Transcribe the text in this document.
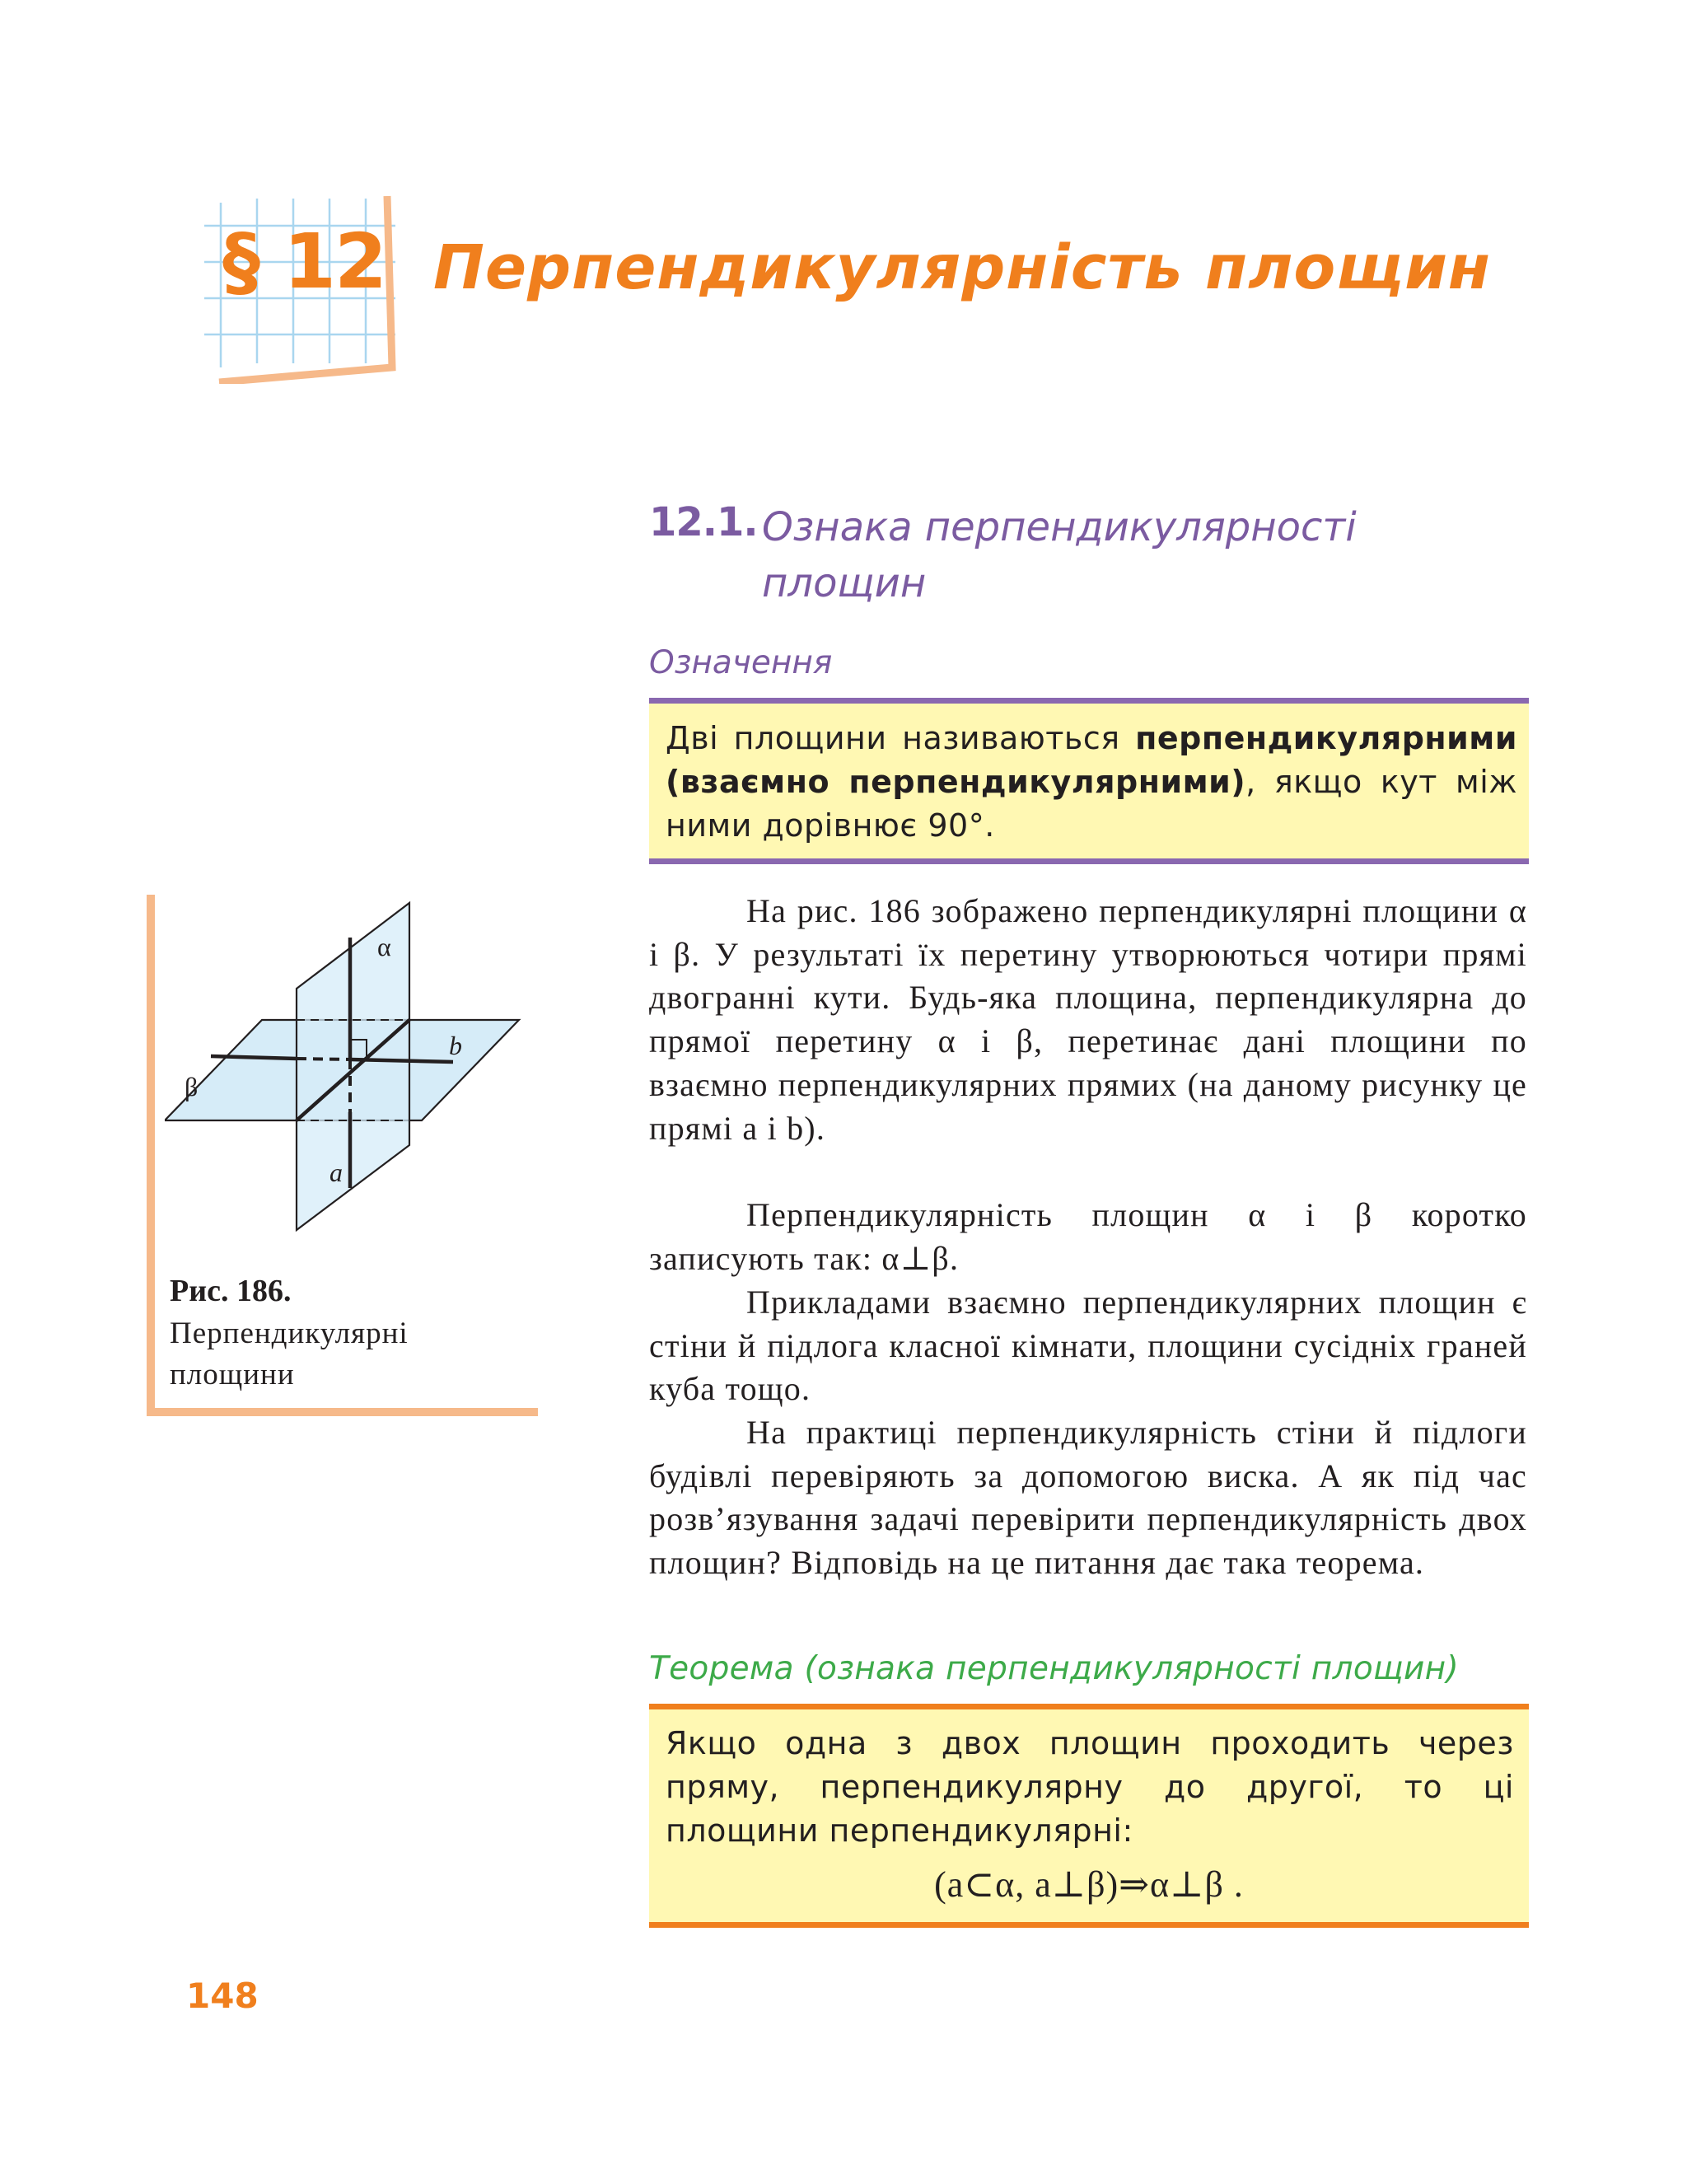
§ 12 Перпендикулярність площин
12.1. Ознака перпендикулярності
площин
Означення
Дві площини називаються перпендикулярними (взаємно перпендикулярними), якщо кут між ними дорівнює 90°.
α
β
b
a
Рис. 186.
Перпендикулярні площини
На рис. 186 зображено перпендикулярні площини α і β. У результаті їх перетину утворюються чотири прямі двогранні кути. Будь-яка площина, перпендикулярна до прямої перетину α і β, перетинає дані площини по взаємно перпендикулярних прямих (на даному рисунку це прямі a і b).
Перпендикулярність площин α і β коротко записують так: α⊥β.
Прикладами взаємно перпендикулярних площин є стіни й підлога класної кімнати, площини сусідніх граней куба тощо.
На практиці перпендикулярність стіни й підлоги будівлі перевіряють за допомогою виска. А як під час розв’язування задачі перевірити перпендикулярність двох площин? Відповідь на це питання дає така теорема.
Теорема (ознака перпендикулярності площин)
Якщо одна з двох площин проходить через пряму, перпендикулярну до другої, то ці площини перпендикулярні:
(a⊂α, a⊥β)⇒α⊥β .
148
